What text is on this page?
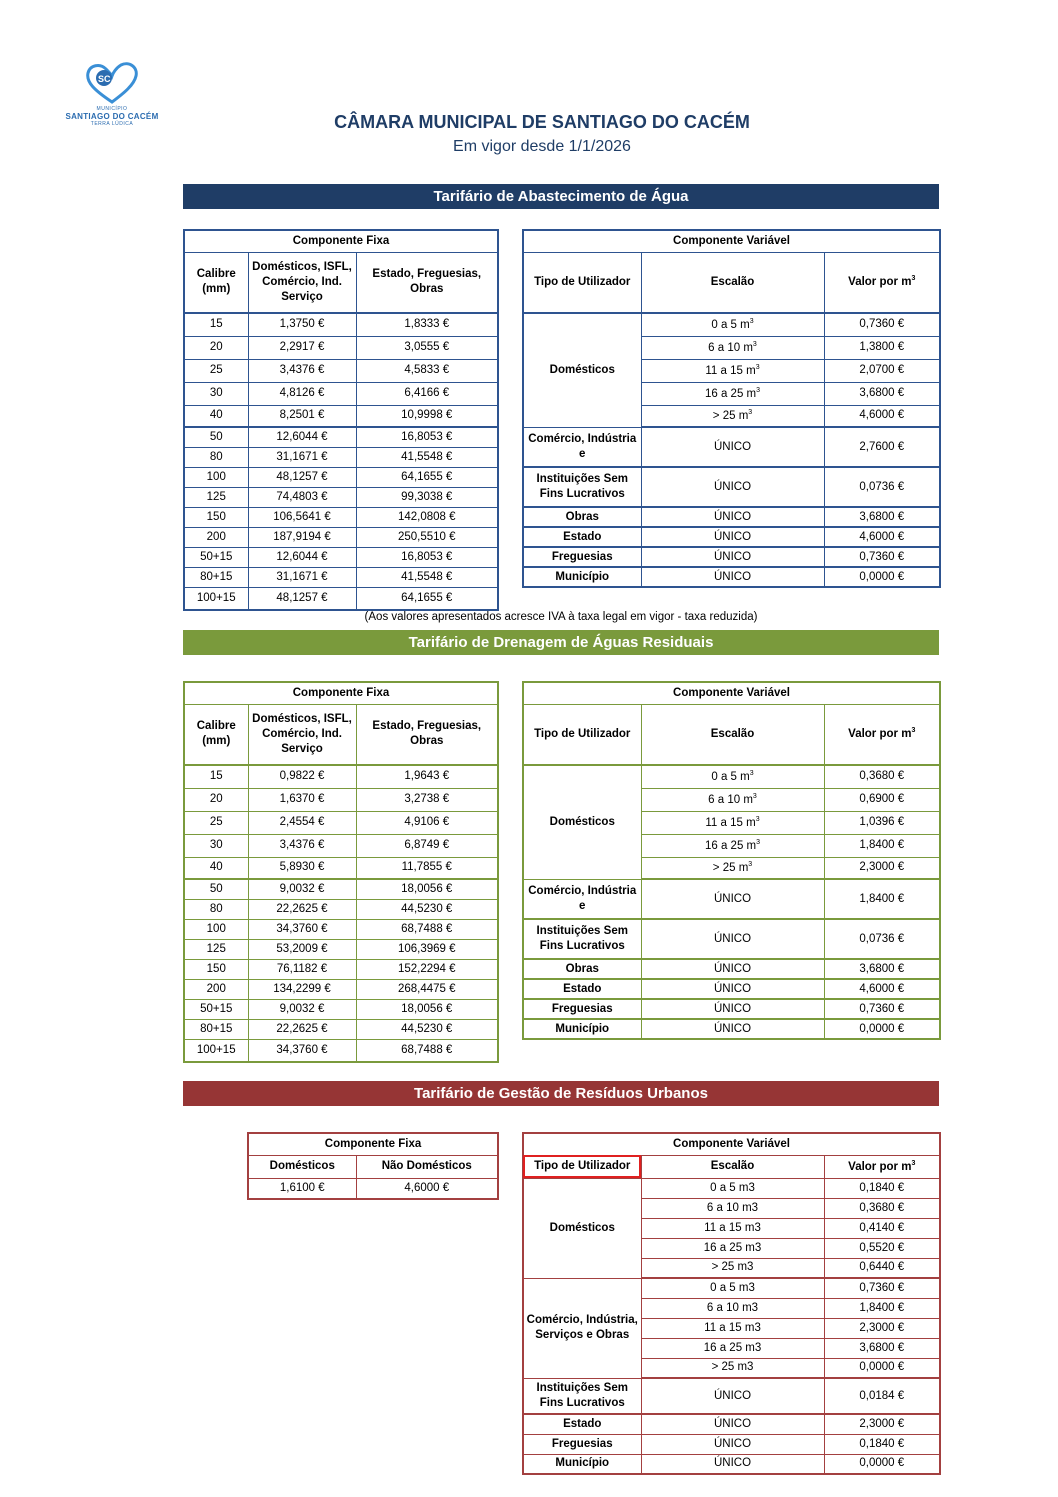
SC
MUNICÍPIO
SANTIAGO DO CACÉM
TERRA LÚDICA	CÂMARA MUNICIPAL DE SANTIAGO DO CACÉM
Em vigor desde 1/1/2026
Tarifário de Abastecimento de Água
Componente Fixa		
Calibre (mm)	Domésticos, ISFL, Comércio, Ind. Serviço	Estado, Freguesias, Obras
15	1,3750 €	1,8333 €
20	2,2917 €	3,0555 €
25	3,4376 €	4,5833 €
30	4,8126 €	6,4166 €
40	8,2501 €	10,9998 €
50	12,6044 €	16,8053 €
80	31,1671 €	41,5548 €
100	48,1257 €	64,1655 €
125	74,4803 €	99,3038 €
150	106,5641 €	142,0808 €
200	187,9194 €	250,5510 €
50+15	12,6044 €	16,8053 €
80+15	31,1671 €	41,5548 €
100+15	48,1257 €	64,1655 €
Componente Variável		
Tipo de Utilizador	Escalão	Valor por $m^3$
Domésticos	0 a 5 $m^3$	0,7360 €
	6 a 10 $m^3$	1,3800 €
	11 a 15 $m^3$	2,0700 €
	16 a 25 $m^3$	3,6800 €
	> 25 $m^3$	4,6000 €
Comércio, Indústria e	ÚNICO	2,7600 €
Instituições Sem Fins Lucrativos	ÚNICO	0,0736 €
Obras	ÚNICO	3,6800 €
Estado	ÚNICO	4,6000 €
Freguesias	ÚNICO	0,7360 €
Município	ÚNICO	0,0000 €
(Aos valores apresentados acresce IVA à taxa legal em vigor - taxa reduzida)
Tarifário de Drenagem de Águas Residuais
Componente Fixa		
Calibre (mm)	Domésticos, ISFL, Comércio, Ind. Serviço	Estado, Freguesias, Obras
15	0,9822 €	1,9643 €
20	1,6370 €	3,2738 €
25	2,4554 €	4,9106 €
30	3,4376 €	6,8749 €
40	5,8930 €	11,7855 €
50	9,0032 €	18,0056 €
80	22,2625 €	44,5230 €
100	34,3760 €	68,7488 €
125	53,2009 €	106,3969 €
150	76,1182 €	152,2294 €
200	134,2299 €	268,4475 €
50+15	9,0032 €	18,0056 €
80+15	22,2625 €	44,5230 €
100+15	34,3760 €	68,7488 €
Componente Variável		
Tipo de Utilizador	Escalão	Valor por $m^3$
Domésticos	0 a 5 $m^3$	0,3680 €
	6 a 10 $m^3$	0,6900 €
	11 a 15 $m^3$	1,0396 €
	16 a 25 $m^3$	1,8400 €
	> 25 $m^3$	2,3000 €
Comércio, Indústria e	ÚNICO	1,8400 €
Instituições Sem Fins Lucrativos	ÚNICO	0,0736 €
Obras	ÚNICO	3,6800 €
Estado	ÚNICO	4,6000 €
Freguesias	ÚNICO	0,7360 €
Município	ÚNICO	0,0000 €
Tarifário de Gestão de Resíduos Urbanos
Componente Fixa	
Domésticos	Não Domésticos
1,6100 €	4,6000 €
Componente Variável		
Tipo de Utilizador	Escalão	Valor por $m^3$
Domésticos	0 a 5 m3	0,1840 €
	6 a 10 m3	0,3680 €
	11 a 15 m3	0,4140 €
	16 a 25 m3	0,5520 €
	> 25 m3	0,6440 €
Comércio, Indústria, Serviços e Obras	0 a 5 m3	0,7360 €
	6 a 10 m3	1,8400 €
	11 a 15 m3	2,3000 €
	16 a 25 m3	3,6800 €
	> 25 m3	0,0000 €
Instituições Sem Fins Lucrativos	ÚNICO	0,0184 €
Estado	ÚNICO	2,3000 €
Freguesias	ÚNICO	0,1840 €
Município	ÚNICO	0,0000 €
